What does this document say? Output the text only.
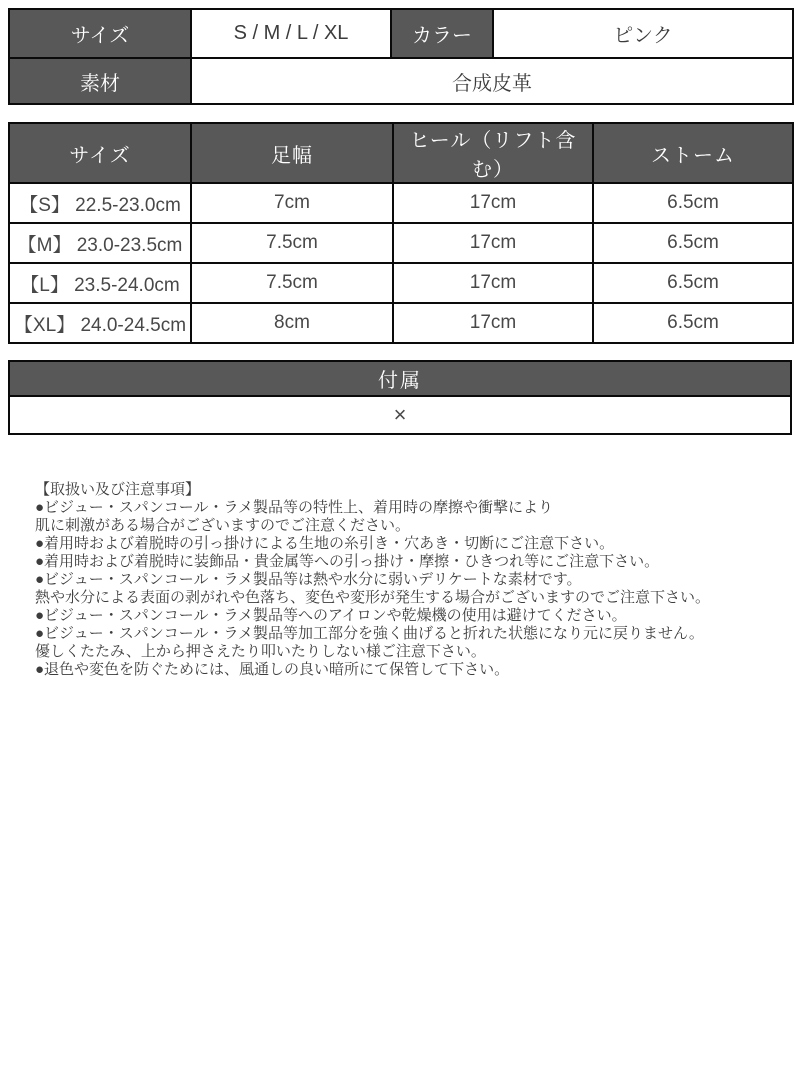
サイズ	S / M / L / XL	カラー	ピンク
素材	合成皮革		
サイズ	足幅	ヒール（リフト含む）	ストーム
【S】 22.5-23.0cm	7cm	17cm	6.5cm
【M】 23.0-23.5cm	7.5cm	17cm	6.5cm
【L】 23.5-24.0cm	7.5cm	17cm	6.5cm
【XL】 24.0-24.5cm	8cm	17cm	6.5cm
付属
×
【取扱い及び注意事項】
●ビジュー・スパンコール・ラメ製品等の特性上、着用時の摩擦や衝撃により
肌に刺激がある場合がございますのでご注意ください。
●着用時および着脱時の引っ掛けによる生地の糸引き・穴あき・切断にご注意下さい。
●着用時および着脱時に装飾品・貴金属等への引っ掛け・摩擦・ひきつれ等にご注意下さい。
●ビジュー・スパンコール・ラメ製品等は熱や水分に弱いデリケートな素材です。
熱や水分による表面の剥がれや色落ち、変色や変形が発生する場合がございますのでご注意下さい。
●ビジュー・スパンコール・ラメ製品等へのアイロンや乾燥機の使用は避けてください。
●ビジュー・スパンコール・ラメ製品等加工部分を強く曲げると折れた状態になり元に戻りません。
優しくたたみ、上から押さえたり叩いたりしない様ご注意下さい。
●退色や変色を防ぐためには、風通しの良い暗所にて保管して下さい。
